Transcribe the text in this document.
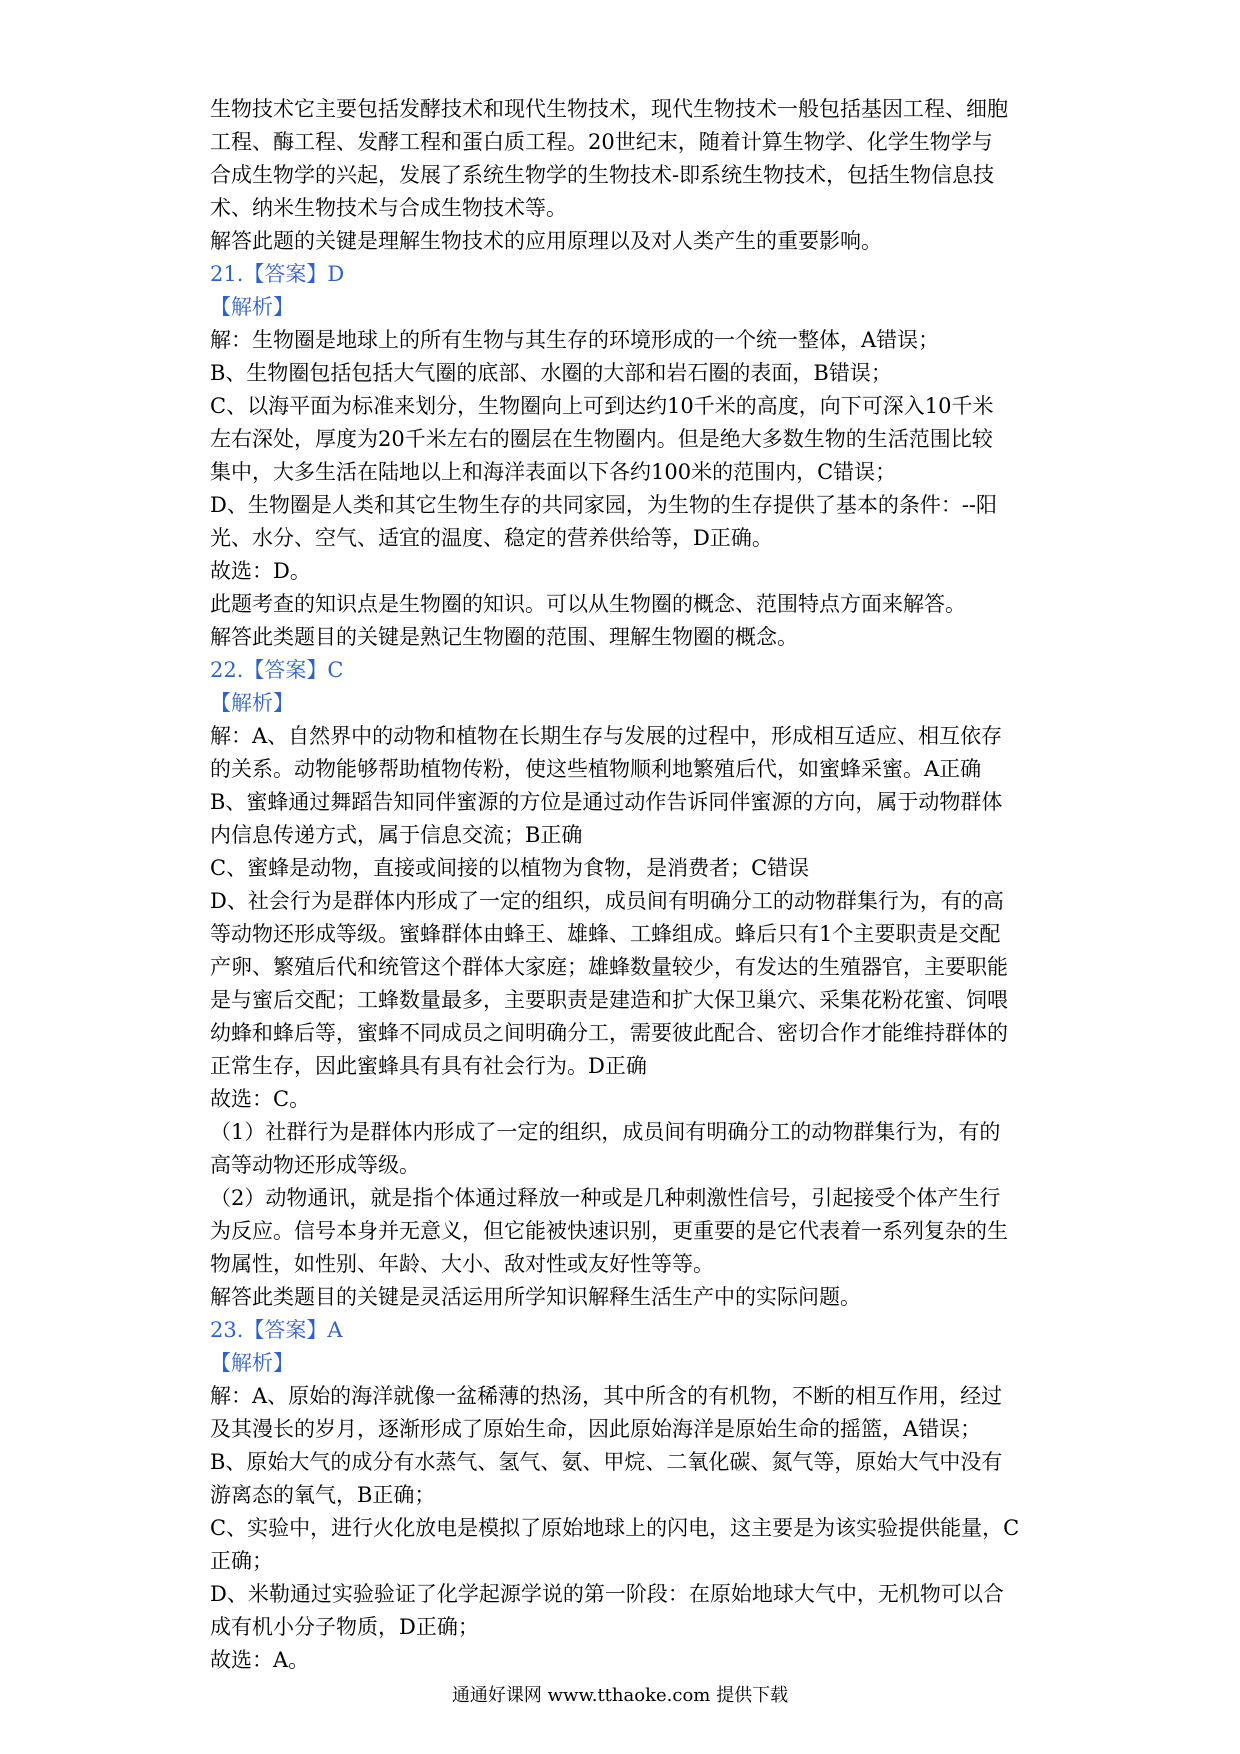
生物技术它主要包括发酵技术和现代生物技术，现代生物技术一般包括基因工程、细胞
工程、酶工程、发酵工程和蛋白质工程。20世纪末，随着计算生物学、化学生物学与
合成生物学的兴起，发展了系统生物学的生物技术-即系统生物技术，包括生物信息技
术、纳米生物技术与合成生物技术等。
解答此题的关键是理解生物技术的应用原理以及对人类产生的重要影响。
21.【答案】D
【解析】
解：生物圈是地球上的所有生物与其生存的环境形成的一个统一整体，A错误；
B、生物圈包括包括大气圈的底部、水圈的大部和岩石圈的表面，B错误；
C、以海平面为标准来划分，生物圈向上可到达约10千米的高度，向下可深入10千米
左右深处，厚度为20千米左右的圈层在生物圈内。但是绝大多数生物的生活范围比较
集中，大多生活在陆地以上和海洋表面以下各约100米的范围内，C错误；
D、生物圈是人类和其它生物生存的共同家园，为生物的生存提供了基本的条件：--阳
光、水分、空气、适宜的温度、稳定的营养供给等，D正确。
故选：D。
此题考查的知识点是生物圈的知识。可以从生物圈的概念、范围特点方面来解答。
解答此类题目的关键是熟记生物圈的范围、理解生物圈的概念。
22.【答案】C
【解析】
解：A、自然界中的动物和植物在长期生存与发展的过程中，形成相互适应、相互依存
的关系。动物能够帮助植物传粉，使这些植物顺利地繁殖后代，如蜜蜂采蜜。A正确
B、蜜蜂通过舞蹈告知同伴蜜源的方位是通过动作告诉同伴蜜源的方向，属于动物群体
内信息传递方式，属于信息交流；B正确
C、蜜蜂是动物，直接或间接的以植物为食物，是消费者；C错误
D、社会行为是群体内形成了一定的组织，成员间有明确分工的动物群集行为，有的高
等动物还形成等级。蜜蜂群体由蜂王、雄蜂、工蜂组成。蜂后只有1个主要职责是交配
产卵、繁殖后代和统管这个群体大家庭；雄蜂数量较少，有发达的生殖器官，主要职能
是与蜜后交配；工蜂数量最多，主要职责是建造和扩大保卫巢穴、采集花粉花蜜、饲喂
幼蜂和蜂后等，蜜蜂不同成员之间明确分工，需要彼此配合、密切合作才能维持群体的
正常生存，因此蜜蜂具有具有社会行为。D正确
故选：C。
（1）社群行为是群体内形成了一定的组织，成员间有明确分工的动物群集行为，有的
高等动物还形成等级。
（2）动物通讯，就是指个体通过释放一种或是几种刺激性信号，引起接受个体产生行
为反应。信号本身并无意义，但它能被快速识别，更重要的是它代表着一系列复杂的生
物属性，如性别、年龄、大小、敌对性或友好性等等。
解答此类题目的关键是灵活运用所学知识解释生活生产中的实际问题。
23.【答案】A
【解析】
解：A、原始的海洋就像一盆稀薄的热汤，其中所含的有机物，不断的相互作用，经过
及其漫长的岁月，逐渐形成了原始生命，因此原始海洋是原始生命的摇篮，A错误；
B、原始大气的成分有水蒸气、氢气、氨、甲烷、二氧化碳、氮气等，原始大气中没有
游离态的氧气，B正确；
C、实验中，进行火化放电是模拟了原始地球上的闪电，这主要是为该实验提供能量，C
正确；
D、米勒通过实验验证了化学起源学说的第一阶段：在原始地球大气中，无机物可以合
成有机小分子物质，D正确；
故选：A。
通通好课网 www.tthaoke.com 提供下载
